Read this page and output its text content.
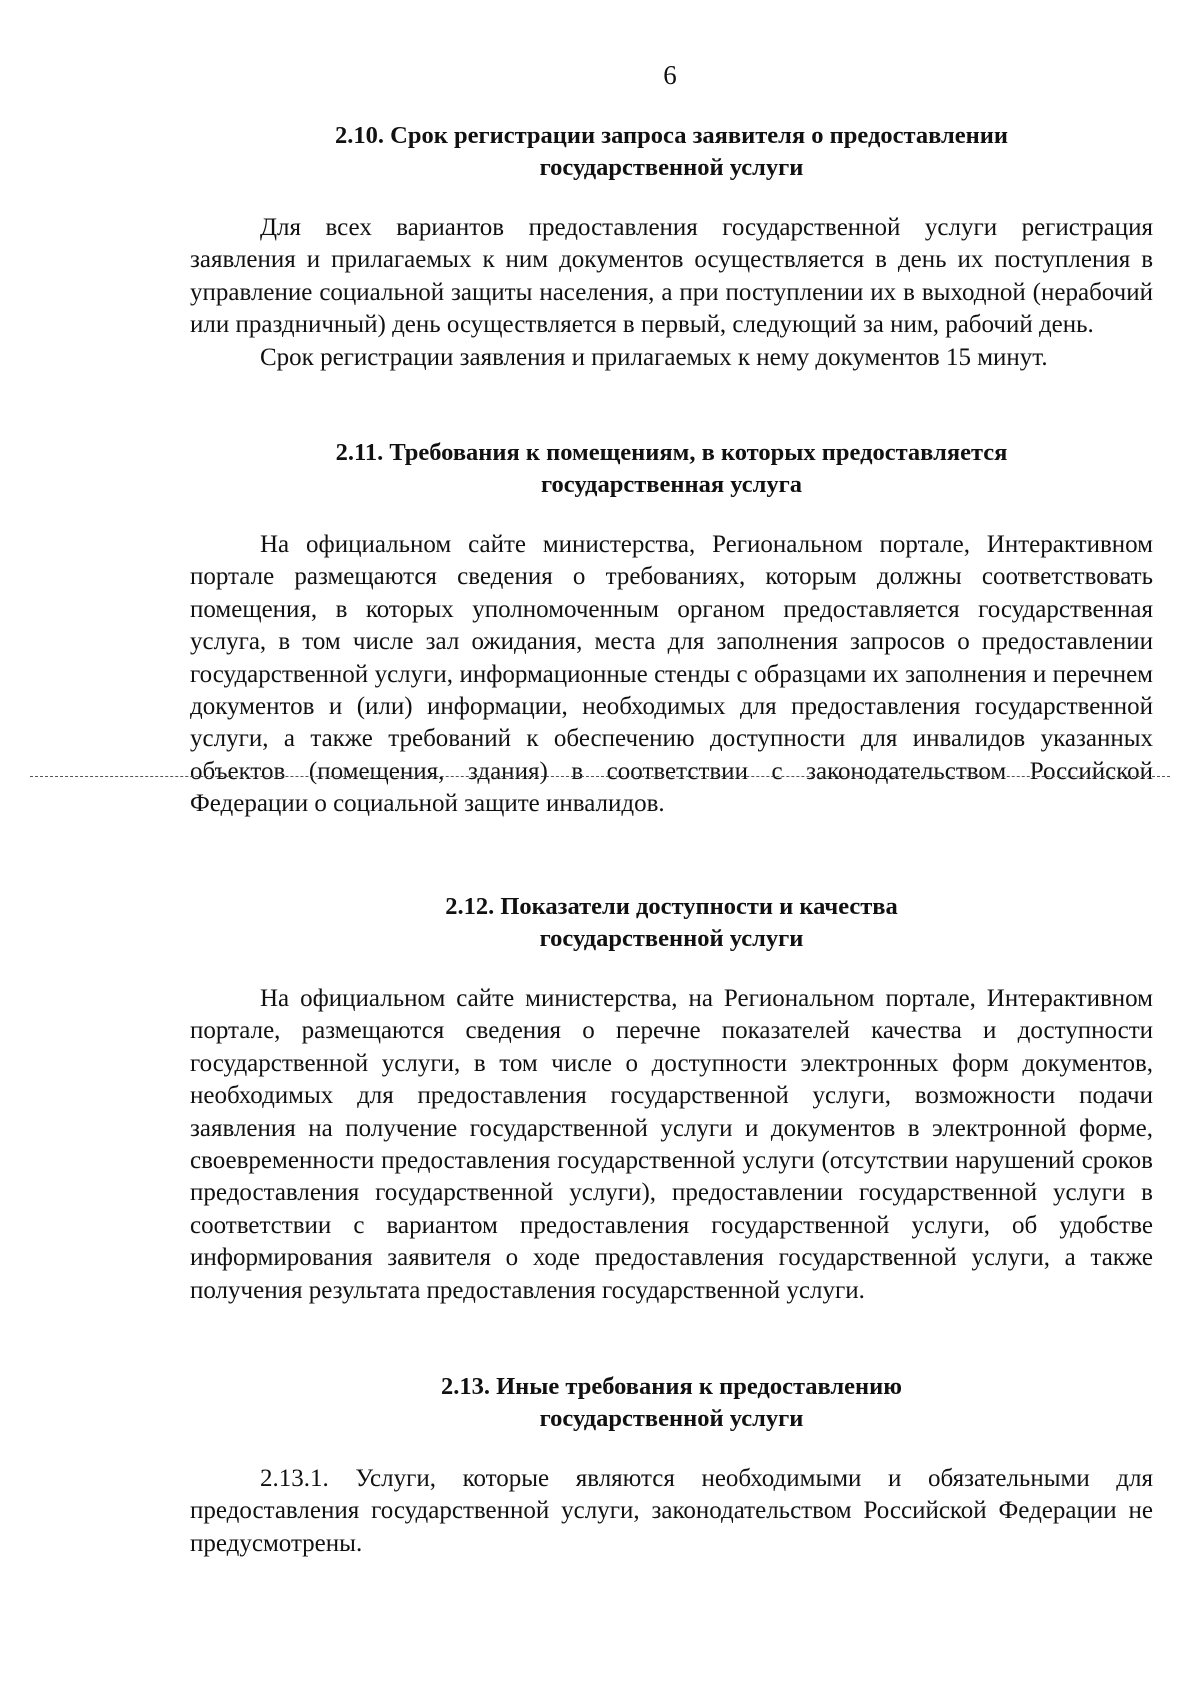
6

2.10. Срок регистрации запроса заявителя о предоставлении

государственной услуги

Для всех вариантов предоставления государственной услуги регистрация заявления и прилагаемых к ним документов осуществляется в день их поступления в управление социальной защиты населения, а при поступлении их в выходной (нерабочий или праздничный) день осуществляется в первый, следующий за ним, рабочий день.

Срок регистрации заявления и прилагаемых к нему документов 15 минут.

2.11. Требования к помещениям, в которых предоставляется

государственная услуга

На официальном сайте министерства, Региональном портале, Интерактивном портале размещаются сведения о требованиях, которым должны соответствовать помещения, в которых уполномоченным органом предоставляется государственная услуга, в том числе зал ожидания, места для заполнения запросов о предоставлении государственной услуги, информационные стенды с образцами их заполнения и перечнем документов и (или) информации, необходимых для предоставления государственной услуги, а также требований к обеспечению доступности для инвалидов указанных объектов (помещения, здания) в соответствии с законодательством Российской Федерации о социальной защите инвалидов.

2.12. Показатели доступности и качества

государственной услуги

На официальном сайте министерства, на Региональном портале, Интерактивном портале, размещаются сведения о перечне показателей качества и доступности государственной услуги, в том числе о доступности электронных форм документов, необходимых для предоставления государственной услуги, возможности подачи заявления на получение государственной услуги и документов в электронной форме, своевременности предоставления государственной услуги (отсутствии нарушений сроков предоставления государственной услуги), предоставлении государственной услуги в соответствии с вариантом предоставления государственной услуги, об удобстве информирования заявителя о ходе предоставления государственной услуги, а также получения результата предоставления государственной услуги.

2.13. Иные требования к предоставлению

государственной услуги

2.13.1. Услуги, которые являются необходимыми и обязательными для предоставления государственной услуги, законодательством Российской Федерации не предусмотрены.
